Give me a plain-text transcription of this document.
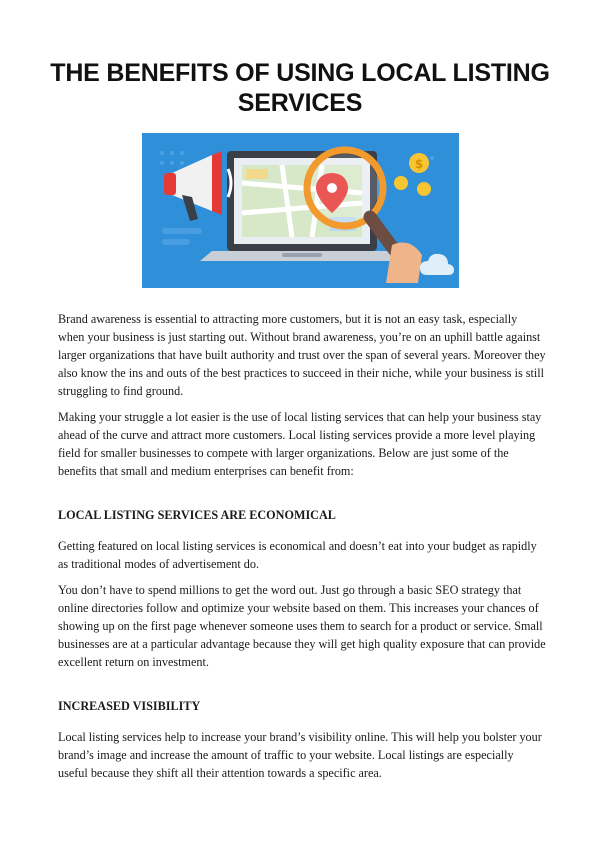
THE BENEFITS OF USING LOCAL LISTING SERVICES
$

Brand awareness is essential to attracting more customers, but it is not an easy task, especially when your business is just starting out. Without brand awareness, you’re on an uphill battle against larger organizations that have built authority and trust over the span of several years. Moreover they also know the ins and outs of the best practices to succeed in their niche, while your business is still struggling to find ground.

Making your struggle a lot easier is the use of local listing services that can help your business stay ahead of the curve and attract more customers. Local listing services provide a more level playing field for smaller businesses to compete with larger organizations. Below are just some of the benefits that small and medium enterprises can benefit from:

LOCAL LISTING SERVICES ARE ECONOMICAL

Getting featured on local listing services is economical and doesn’t eat into your budget as rapidly as traditional modes of advertisement do.

You don’t have to spend millions to get the word out. Just go through a basic SEO strategy that online directories follow and optimize your website based on them. This increases your chances of showing up on the first page whenever someone uses them to search for a product or service. Small businesses are at a particular advantage because they will get high quality exposure that can provide excellent return on investment.

INCREASED VISIBILITY

Local listing services help to increase your brand’s visibility online. This will help you bolster your brand’s image and increase the amount of traffic to your website. Local listings are especially useful because they shift all their attention towards a specific area.
